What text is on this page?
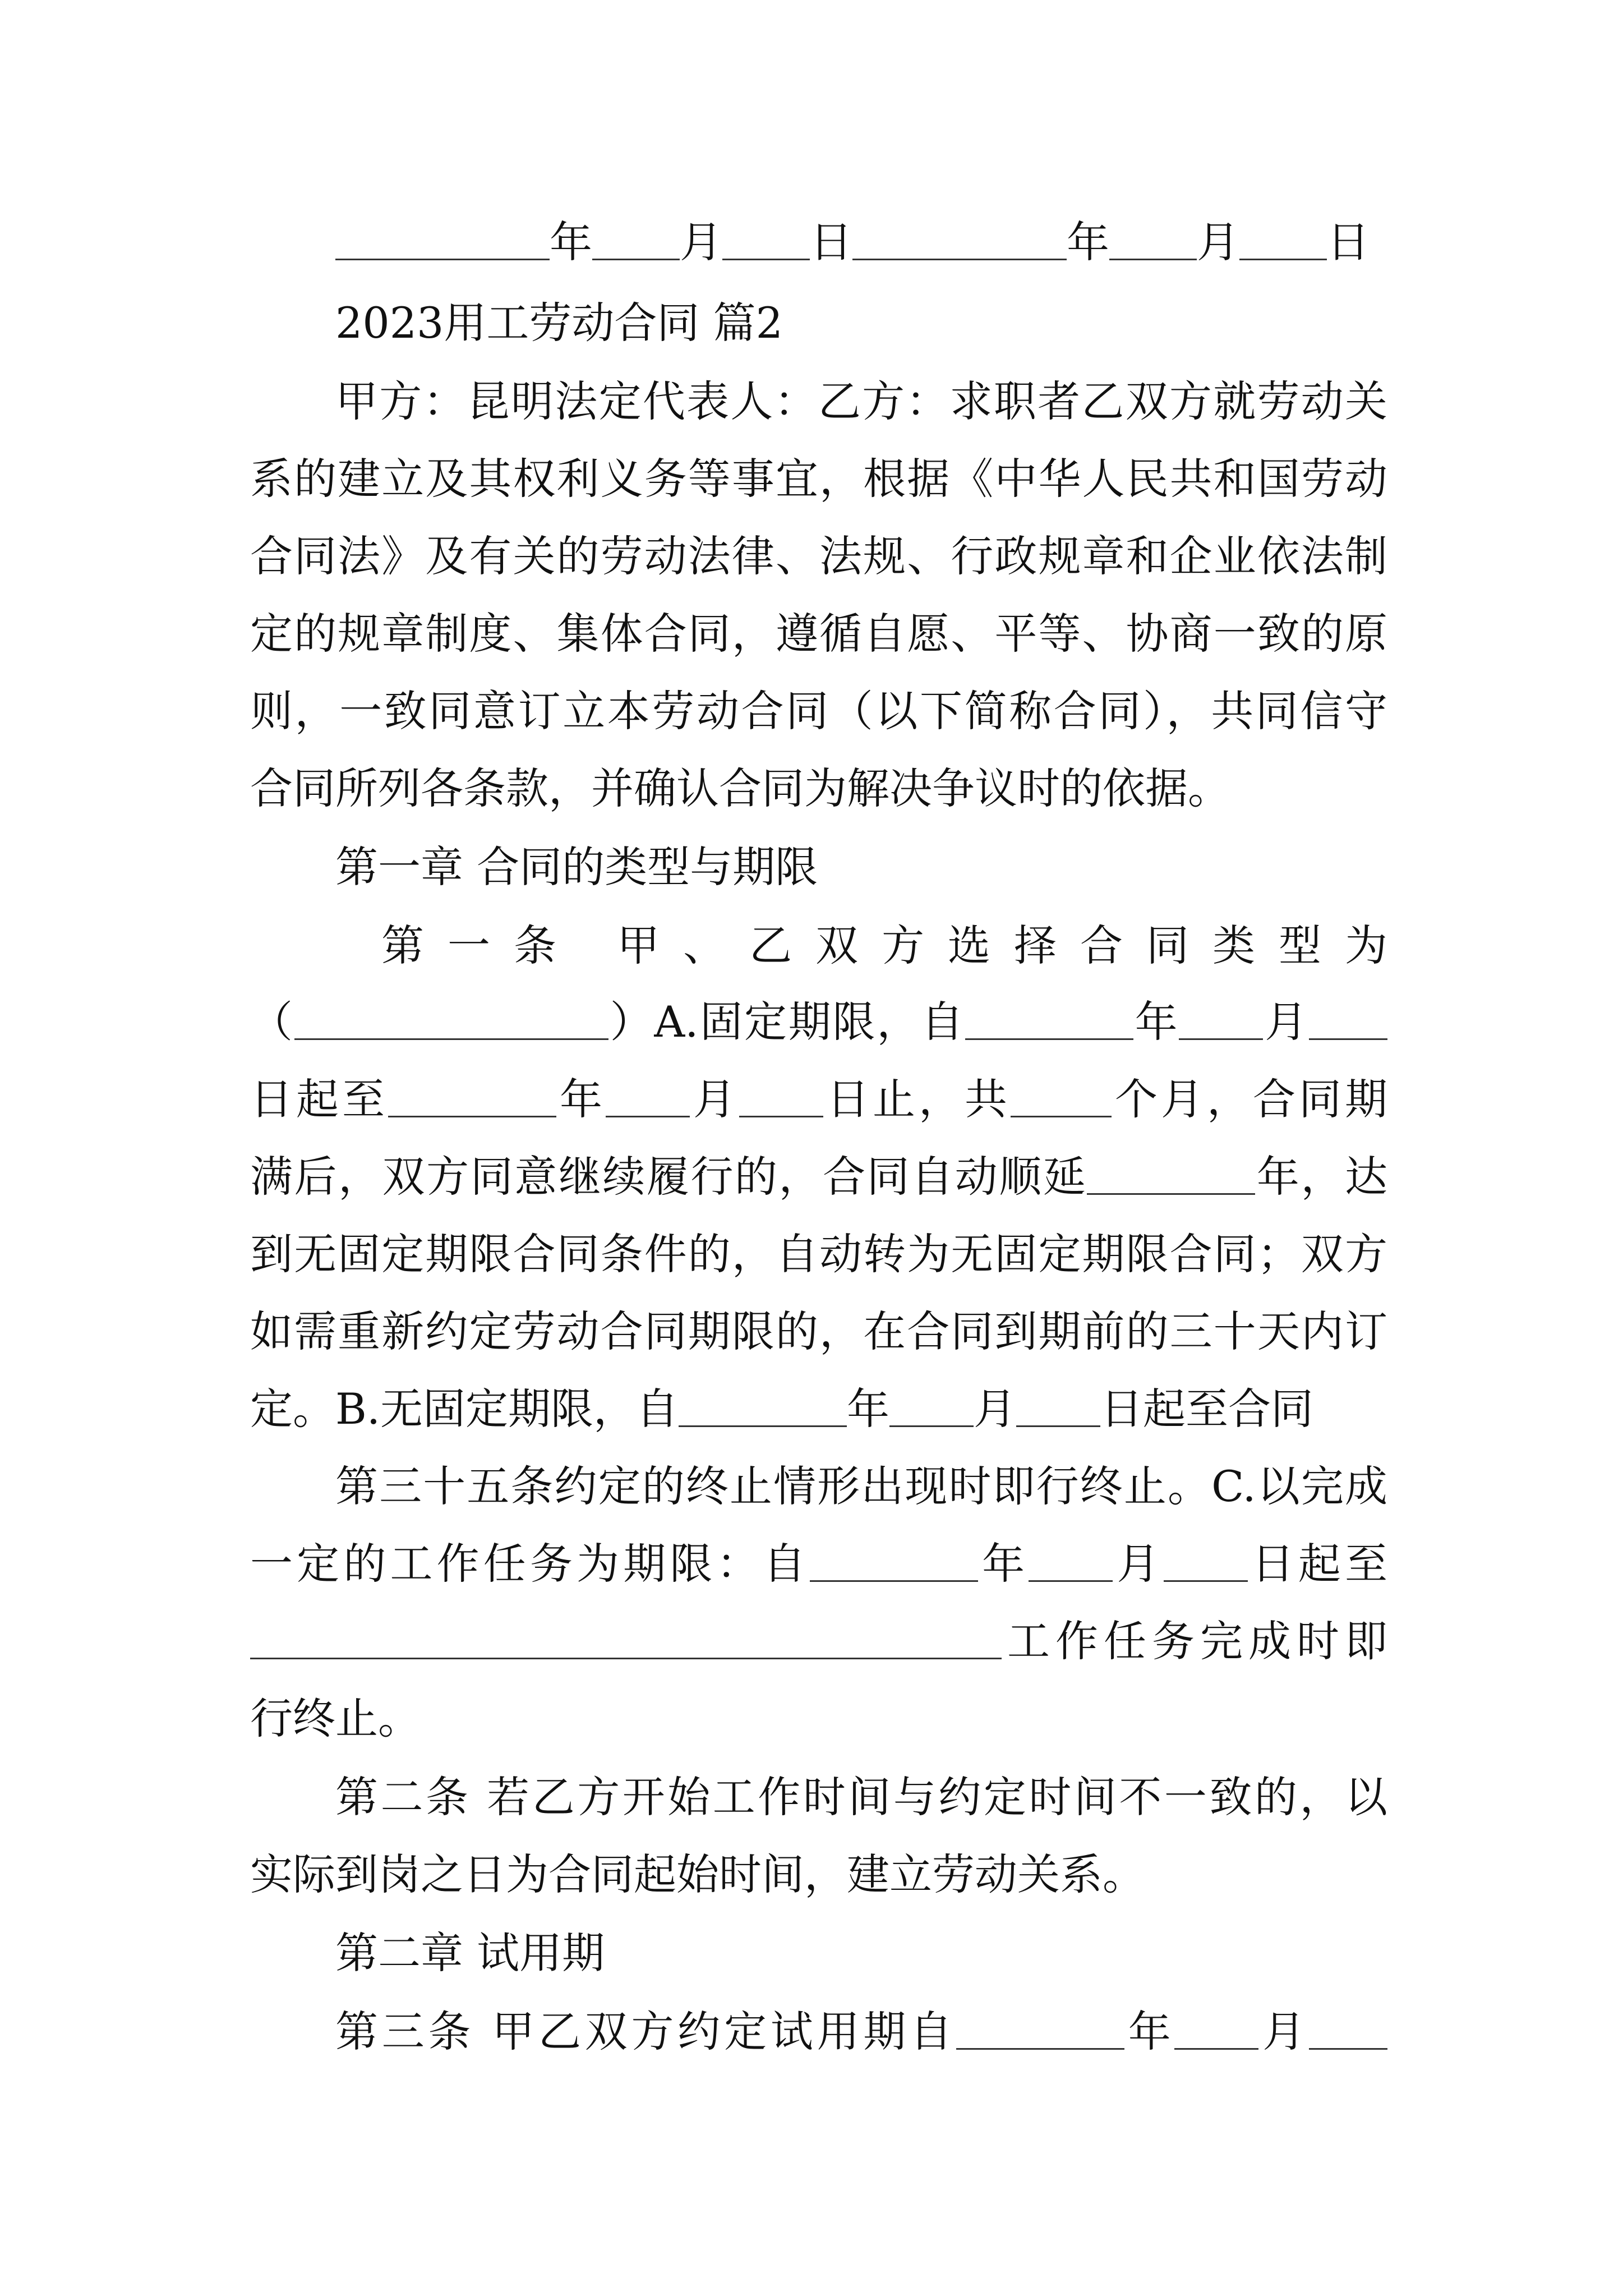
年 月 日	年 月 日
2023用工劳动合同 篇2
甲方：昆明法定代表人：乙方：求职者乙双方就劳动关
系的建立及其权利义务等事宜，根据《中华人民共和国劳动
合同法》及有关的劳动法律、法规、行政规章和企业依法制
定的规章制度、集体合同，遵循自愿、平等、协商一致的原
则，一致同意订立本劳动合同（以下简称合同），共同信守
合同所列各条款，并确认合同为解决争议时的依据。
第一章 合同的类型与期限
第一条 甲、乙双方选择合同类型为
（	）A.固定期限，自	年 月
日起至	年 月 日止，共 个月，合同期
满后，双方同意继续履行的，合同自动顺延	年，达
到无固定期限合同条件的，自动转为无固定期限合同；双方
如需重新约定劳动合同期限的，在合同到期前的三十天内订
定。B.无固定期限，自	年 月 日起至合同
第三十五条约定的终止情形出现时即行终止。C.以完成
一定的工作任务为期限：自	年 月 日起至
工作任务完成时即
行终止。
第二条 若乙方开始工作时间与约定时间不一致的，以
实际到岗之日为合同起始时间，建立劳动关系。
第二章 试用期
第三条 甲乙双方约定试用期自	年 月
